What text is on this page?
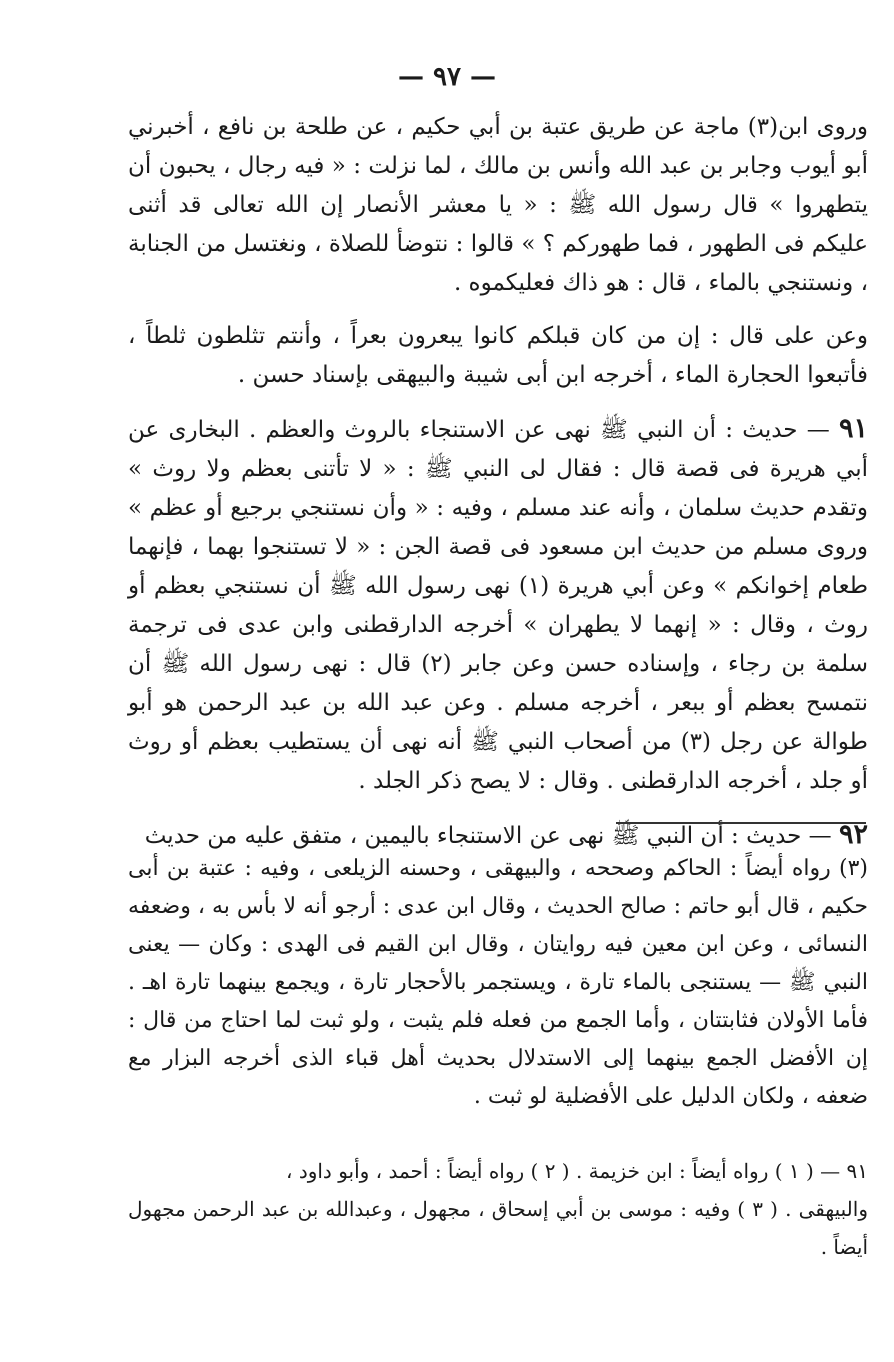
— ٩٧ —

وروى ابن(٣) ماجة عن طريق عتبة بن أبي حكيم ، عن طلحة بن نافع ، أخبرني أبو أيوب وجابر بن عبد الله وأنس بن مالك ، لما نزلت : « فيه رجال ، يحبون أن يتطهروا » قال رسول الله ﷺ : « يا معشر الأنصار إن الله تعالى قد أثنى عليكم فى الطهور ، فما طهوركم ؟ » قالوا : نتوضأ للصلاة ، ونغتسل من الجنابة ، ونستنجي بالماء ، قال : هو ذاك فعليكموه .

وعن على قال : إن من كان قبلكم كانوا يبعرون بعراً ، وأنتم تثلطون ثلطاً ، فأتبعوا الحجارة الماء ، أخرجه ابن أبى شيبة والبيهقى بإسناد حسن .

٩١ — حديث : أن النبي ﷺ نهى عن الاستنجاء بالروث والعظم . البخارى عن أبي هريرة فى قصة قال : فقال لى النبي ﷺ : « لا تأتنى بعظم ولا روث » وتقدم حديث سلمان ، وأنه عند مسلم ، وفيه : « وأن نستنجي برجيع أو عظم » وروى مسلم من حديث ابن مسعود فى قصة الجن : « لا تستنجوا بهما ، فإنهما طعام إخوانكم » وعن أبي هريرة (١) نهى رسول الله ﷺ أن نستنجي بعظم أو روث ، وقال : « إنهما لا يطهران » أخرجه الدارقطنى وابن عدى فى ترجمة سلمة بن رجاء ، وإسناده حسن وعن جابر (٢) قال : نهى رسول الله ﷺ أن نتمسح بعظم أو ببعر ، أخرجه مسلم . وعن عبد الله بن عبد الرحمن هو أبو طوالة عن رجل (٣) من أصحاب النبي ﷺ أنه نهى أن يستطيب بعظم أو روث أو جلد ، أخرجه الدارقطنى . وقال : لا يصح ذكر الجلد .

٩٢ — حديث : أن النبي ﷺ نهى عن الاستنجاء باليمين ، متفق عليه من حديث

(٣) رواه أيضاً : الحاكم وصححه ، والبيهقى ، وحسنه الزيلعى ، وفيه : عتبة بن أبى حكيم ، قال أبو حاتم : صالح الحديث ، وقال ابن عدى : أرجو أنه لا بأس به ، وضعفه النسائى ، وعن ابن معين فيه روايتان ، وقال ابن القيم فى الهدى : وكان — يعنى النبي ﷺ — يستنجى بالماء تارة ، ويستجمر بالأحجار تارة ، ويجمع بينهما تارة اهـ . فأما الأولان فثابتتان ، وأما الجمع من فعله فلم يثبت ، ولو ثبت لما احتاج من قال : إن الأفضل الجمع بينهما إلى الاستدلال بحديث أهل قباء الذى أخرجه البزار مع ضعفه ، ولكان الدليل على الأفضلية لو ثبت .

٩١ — ( ١ ) رواه أيضاً : ابن خزيمة . ( ٢ ) رواه أيضاً : أحمد ، وأبو داود ،

والبيهقى . ( ٣ ) وفيه : موسى بن أبي إسحاق ، مجهول ، وعبدالله بن عبد الرحمن مجهول أيضاً .
